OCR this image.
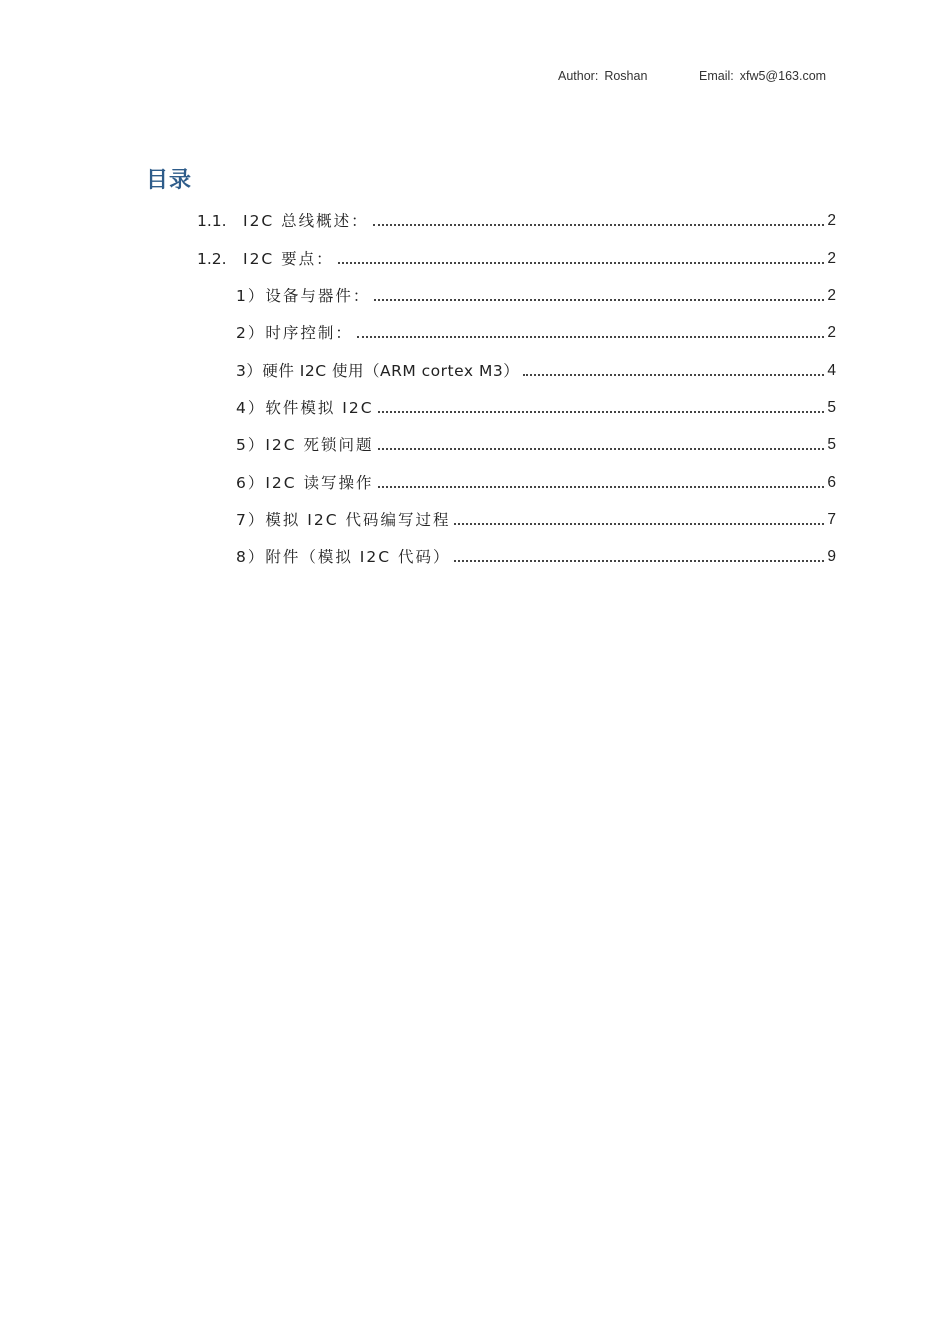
Author: Roshan	Email: xfw5@163.com
目录
1.1.	I2C 总线概述：	2
1.2.	I2C 要点：	2
1）设备与器件：	2
2）时序控制：	2
3）硬件 I2C 使用（ARM cortex M3）	4
4）软件模拟 I2C	5
5）I2C 死锁问题	5
6）I2C 读写操作	6
7）模拟 I2C 代码编写过程	7
8）附件（模拟 I2C 代码）	9
